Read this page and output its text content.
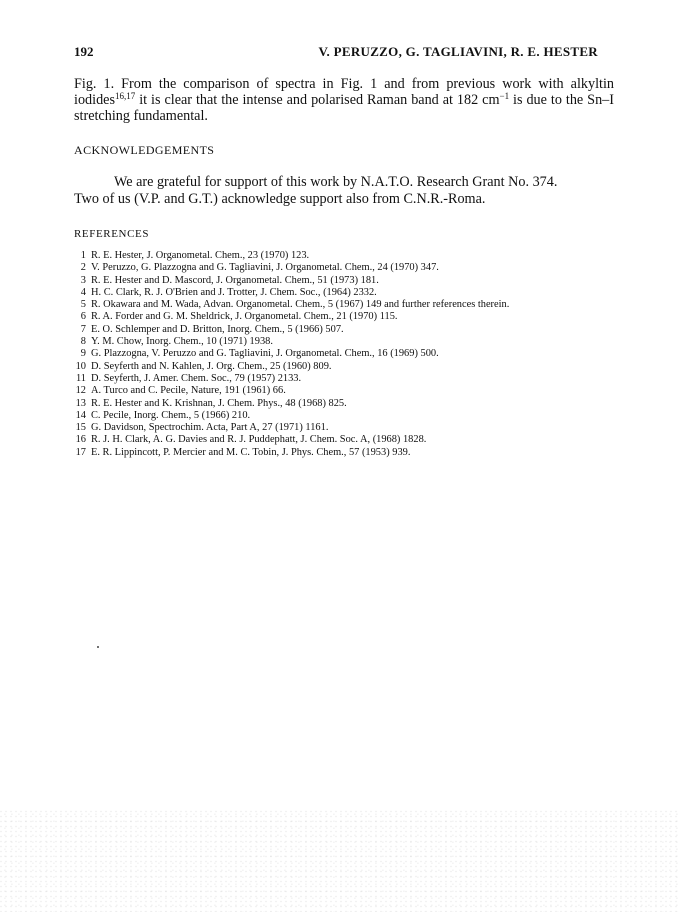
192	V. PERUZZO, G. TAGLIAVINI, R. E. HESTER
Fig. 1. From the comparison of spectra in Fig. 1 and from previous work with alkyltin iodides$^{16,17}$ it is clear that the intense and polarised Raman band at 182 $cm^{-1}$ is due to the Sn–I stretching fundamental.
ACKNOWLEDGEMENTS

We are grateful for support of this work by N.A.T.O. Research Grant No. 374.

Two of us (V.P. and G.T.) acknowledge support also from C.N.R.-Roma.

REFERENCES
1 R. E. Hester, J. Organometal. Chem., 23 (1970) 123.
2 V. Peruzzo, G. Plazzogna and G. Tagliavini, J. Organometal. Chem., 24 (1970) 347.
3 R. E. Hester and D. Mascord, J. Organometal. Chem., 51 (1973) 181.
4 H. C. Clark, R. J. O'Brien and J. Trotter, J. Chem. Soc., (1964) 2332.
5 R. Okawara and M. Wada, Advan. Organometal. Chem., 5 (1967) 149 and further references therein.
6 R. A. Forder and G. M. Sheldrick, J. Organometal. Chem., 21 (1970) 115.
7 E. O. Schlemper and D. Britton, Inorg. Chem., 5 (1966) 507.
8 Y. M. Chow, Inorg. Chem., 10 (1971) 1938.
9 G. Plazzogna, V. Peruzzo and G. Tagliavini, J. Organometal. Chem., 16 (1969) 500.
10 D. Seyferth and N. Kahlen, J. Org. Chem., 25 (1960) 809.
11 D. Seyferth, J. Amer. Chem. Soc., 79 (1957) 2133.
12 A. Turco and C. Pecile, Nature, 191 (1961) 66.
13 R. E. Hester and K. Krishnan, J. Chem. Phys., 48 (1968) 825.
14 C. Pecile, Inorg. Chem., 5 (1966) 210.
15 G. Davidson, Spectrochim. Acta, Part A, 27 (1971) 1161.
16 R. J. H. Clark, A. G. Davies and R. J. Puddephatt, J. Chem. Soc. A, (1968) 1828.
17 E. R. Lippincott, P. Mercier and M. C. Tobin, J. Phys. Chem., 57 (1953) 939.
